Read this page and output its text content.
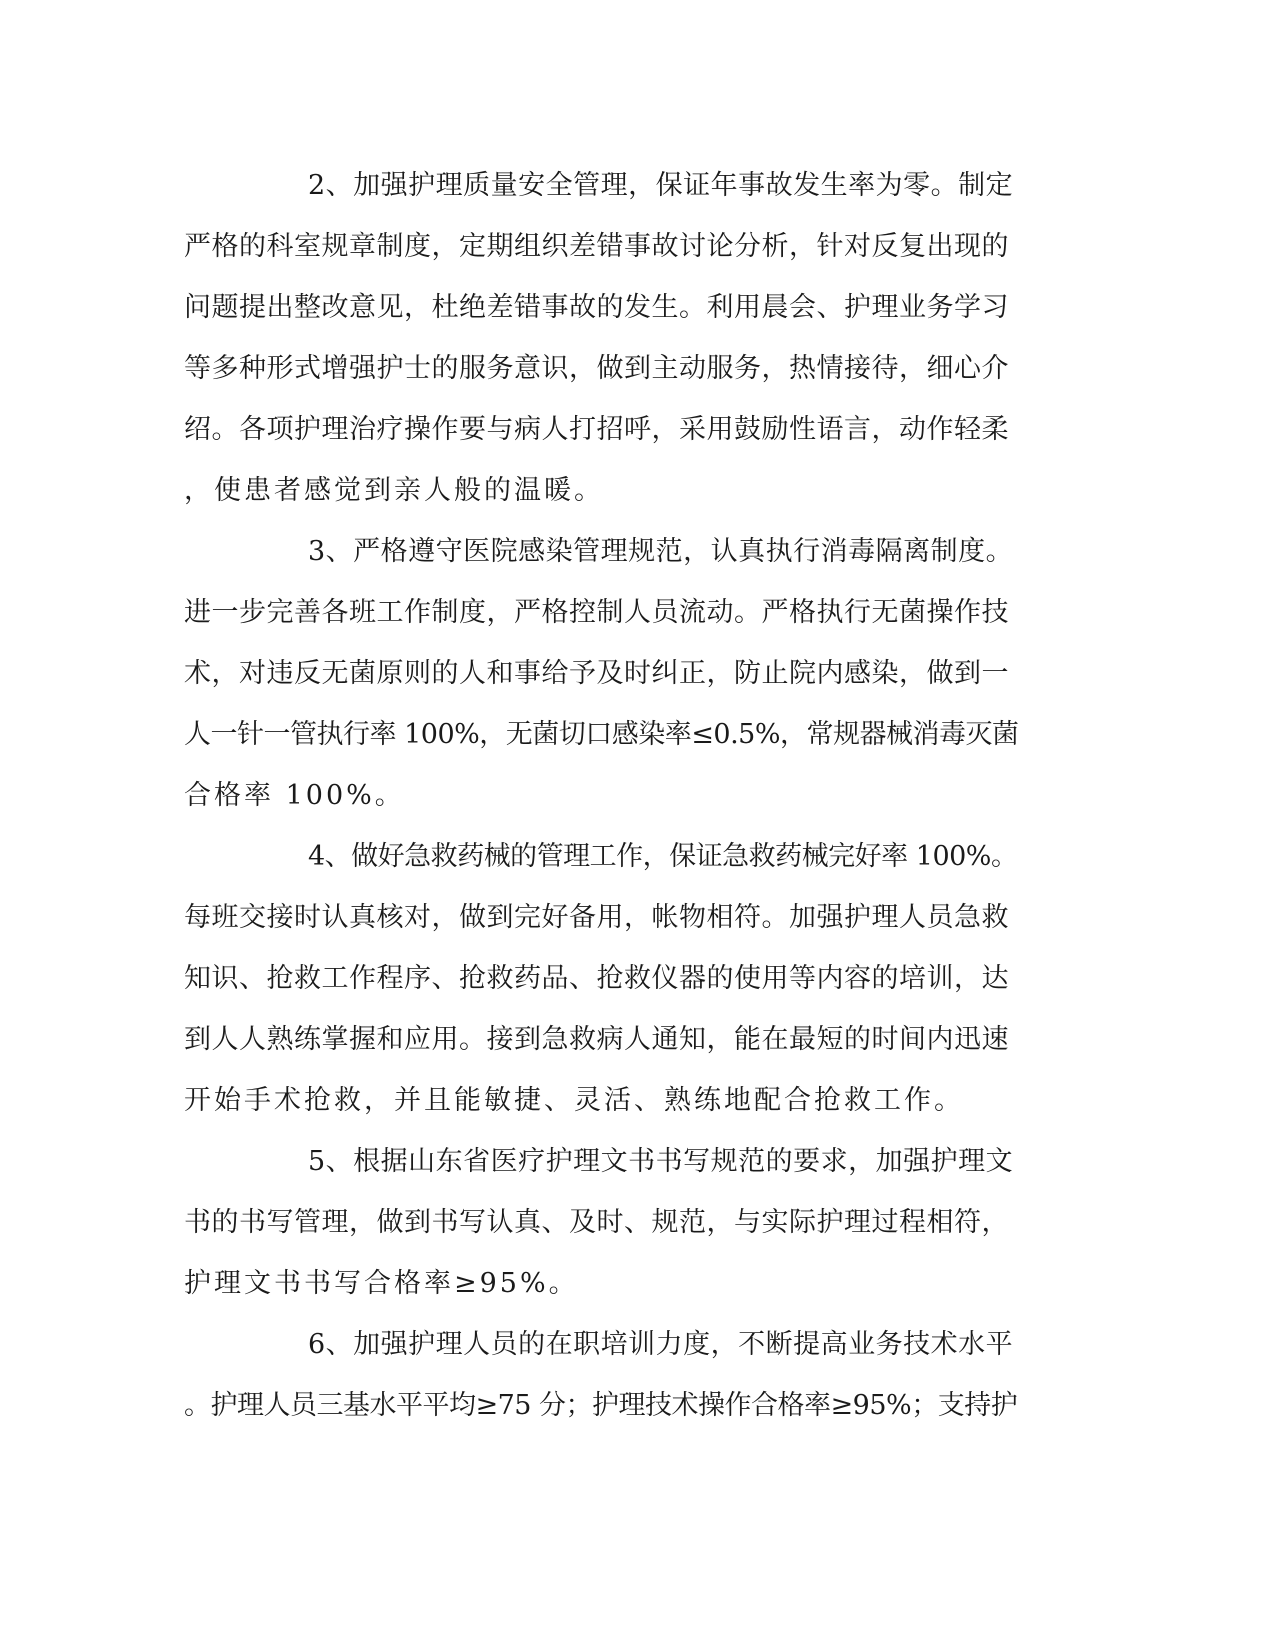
2、加强护理质量安全管理，保证年事故发生率为零。制定
严格的科室规章制度，定期组织差错事故讨论分析，针对反复出现的
问题提出整改意见，杜绝差错事故的发生。利用晨会、护理业务学习
等多种形式增强护士的服务意识，做到主动服务，热情接待，细心介
绍。各项护理治疗操作要与病人打招呼，采用鼓励性语言，动作轻柔
，使患者感觉到亲人般的温暖。
3、严格遵守医院感染管理规范，认真执行消毒隔离制度。
进一步完善各班工作制度，严格控制人员流动。严格执行无菌操作技
术，对违反无菌原则的人和事给予及时纠正，防止院内感染，做到一
人一针一管执行率 100%，无菌切口感染率≤0.5%，常规器械消毒灭菌
合格率 100%。
4、做好急救药械的管理工作，保证急救药械完好率 100%。
每班交接时认真核对，做到完好备用，帐物相符。加强护理人员急救
知识、抢救工作程序、抢救药品、抢救仪器的使用等内容的培训，达
到人人熟练掌握和应用。接到急救病人通知，能在最短的时间内迅速
开始手术抢救，并且能敏捷、灵活、熟练地配合抢救工作。
5、根据山东省医疗护理文书书写规范的要求，加强护理文
书的书写管理，做到书写认真、及时、规范，与实际护理过程相符，
护理文书书写合格率≥95%。
6、加强护理人员的在职培训力度，不断提高业务技术水平
。护理人员三基水平平均≥75 分；护理技术操作合格率≥95%；支持护
